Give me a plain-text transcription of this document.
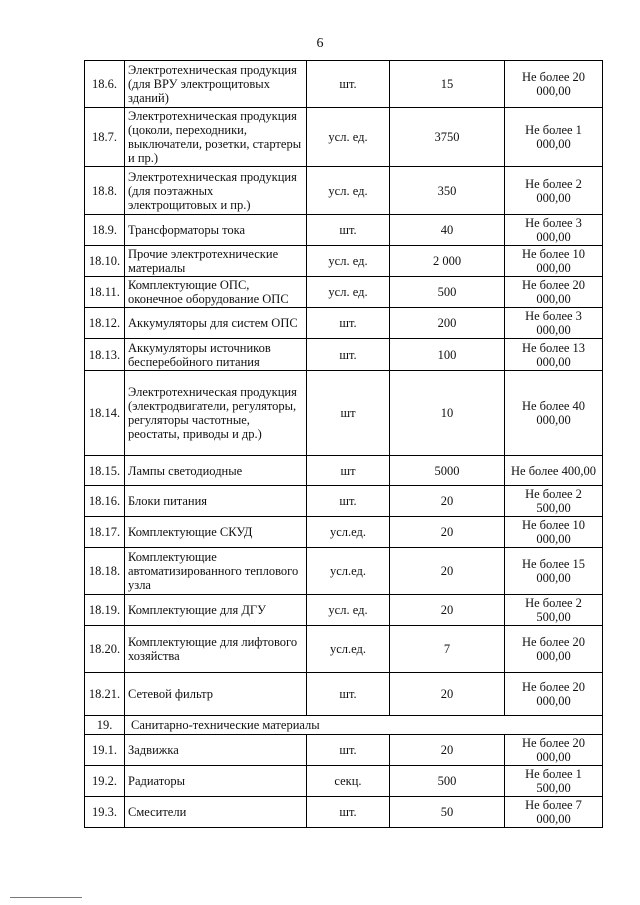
6
18.6.	Электротехническая продукция (для ВРУ электрощитовых зданий)	шт.	15	Не более 20 000,00
18.7.	Электротехническая продукция (цоколи, переходники, выключатели, розетки, стартеры и пр.)	усл. ед.	3750	Не более 1 000,00
18.8.	Электротехническая продукция (для поэтажных электрощитовых и пр.)	усл. ед.	350	Не более 2 000,00
18.9.	Трансформаторы тока	шт.	40	Не более 3 000,00
18.10.	Прочие электротехнические материалы	усл. ед.	2 000	Не более 10 000,00
18.11.	Комплектующие ОПС, оконечное оборудование ОПС	усл. ед.	500	Не более 20 000,00
18.12.	Аккумуляторы для систем ОПС	шт.	200	Не более 3 000,00
18.13.	Аккумуляторы источников бесперебойного питания	шт.	100	Не более 13 000,00
18.14.	Электротехническая продукция (электродвигатели, регуляторы, регуляторы частотные, реостаты, приводы и др.)	шт	10	Не более 40 000,00
18.15.	Лампы светодиодные	шт	5000	Не более 400,00
18.16.	Блоки питания	шт.	20	Не более 2 500,00
18.17.	Комплектующие СКУД	усл.ед.	20	Не более 10 000,00
18.18.	Комплектующие автоматизированного теплового узла	усл.ед.	20	Не более 15 000,00
18.19.	Комплектующие для ДГУ	усл. ед.	20	Не более 2 500,00
18.20.	Комплектующие для лифтового хозяйства	усл.ед.	7	Не более 20 000,00
18.21.	Сетевой фильтр	шт.	20	Не более 20 000,00
19.	Санитарно-технические материалы			
19.1.	Задвижка	шт.	20	Не более 20 000,00
19.2.	Радиаторы	секц.	500	Не более 1 500,00
19.3.	Смесители	шт.	50	Не более 7 000,00
